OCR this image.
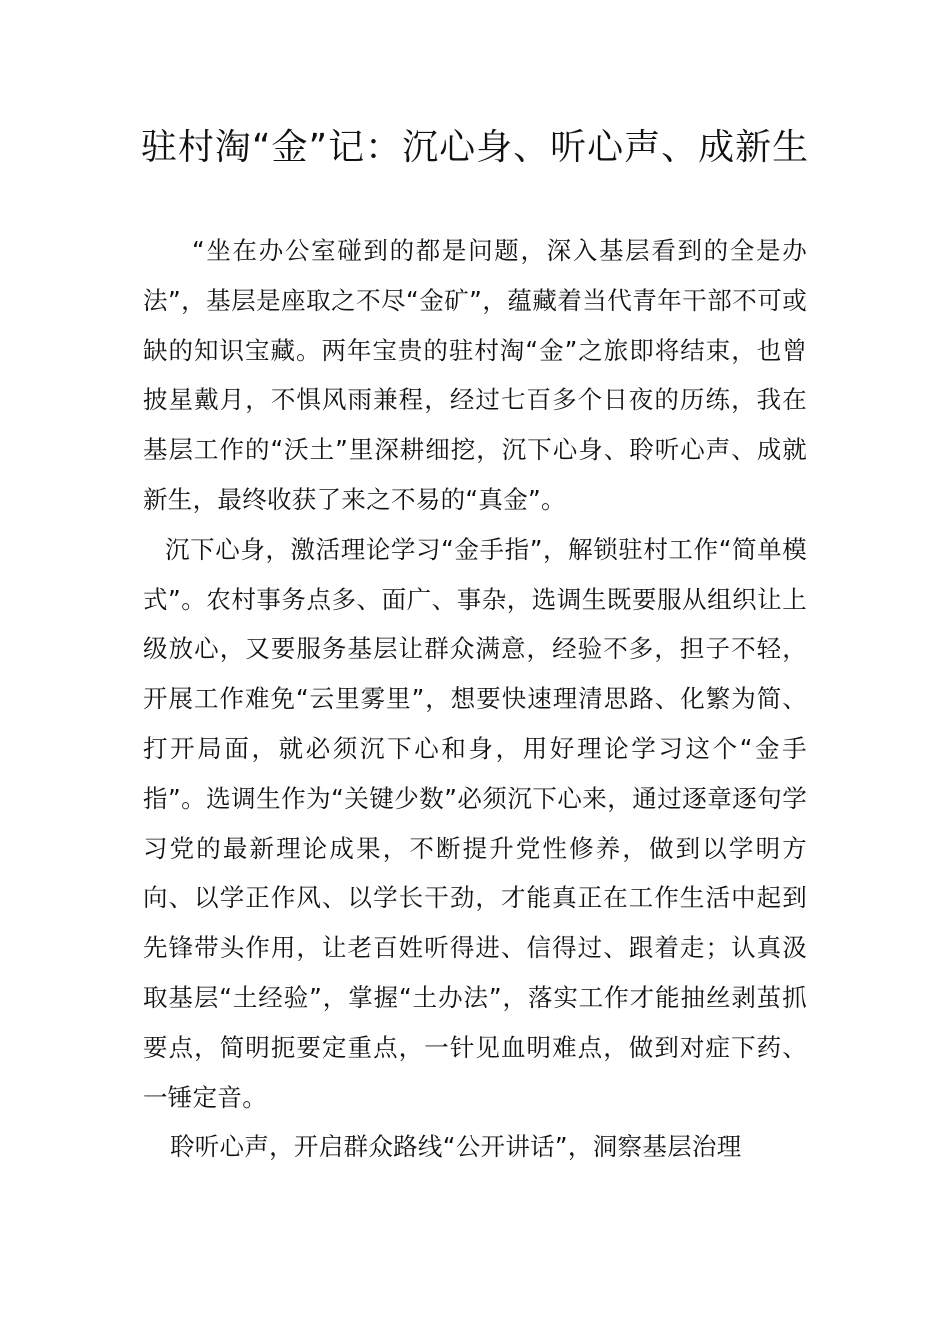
驻村淘“金”记：沉心身、听心声、成新生

“坐在办公室碰到的都是问题，深入基层看到的全是办法”，基层是座取之不尽“金矿”，蕴藏着当代青年干部不可或缺的知识宝藏。两年宝贵的驻村淘“金”之旅即将结束，也曾披星戴月，不惧风雨兼程，经过七百多个日夜的历练，我在基层工作的“沃土”里深耕细挖，沉下心身、聆听心声、成就新生，最终收获了来之不易的“真金”。

沉下心身，激活理论学习“金手指”，解锁驻村工作“简单模式”。农村事务点多、面广、事杂，选调生既要服从组织让上级放心，又要服务基层让群众满意，经验不多，担子不轻，开展工作难免“云里雾里”，想要快速理清思路、化繁为简、打开局面，就必须沉下心和身，用好理论学习这个“金手指”。选调生作为“关键少数”必须沉下心来，通过逐章逐句学习党的最新理论成果，不断提升党性修养，做到以学明方向、以学正作风、以学长干劲，才能真正在工作生活中起到先锋带头作用，让老百姓听得进、信得过、跟着走；认真汲取基层“土经验”，掌握“土办法”，落实工作才能抽丝剥茧抓要点，简明扼要定重点，一针见血明难点，做到对症下药、一锤定音。

聆听心声，开启群众路线“公开讲话”，洞察基层治理
